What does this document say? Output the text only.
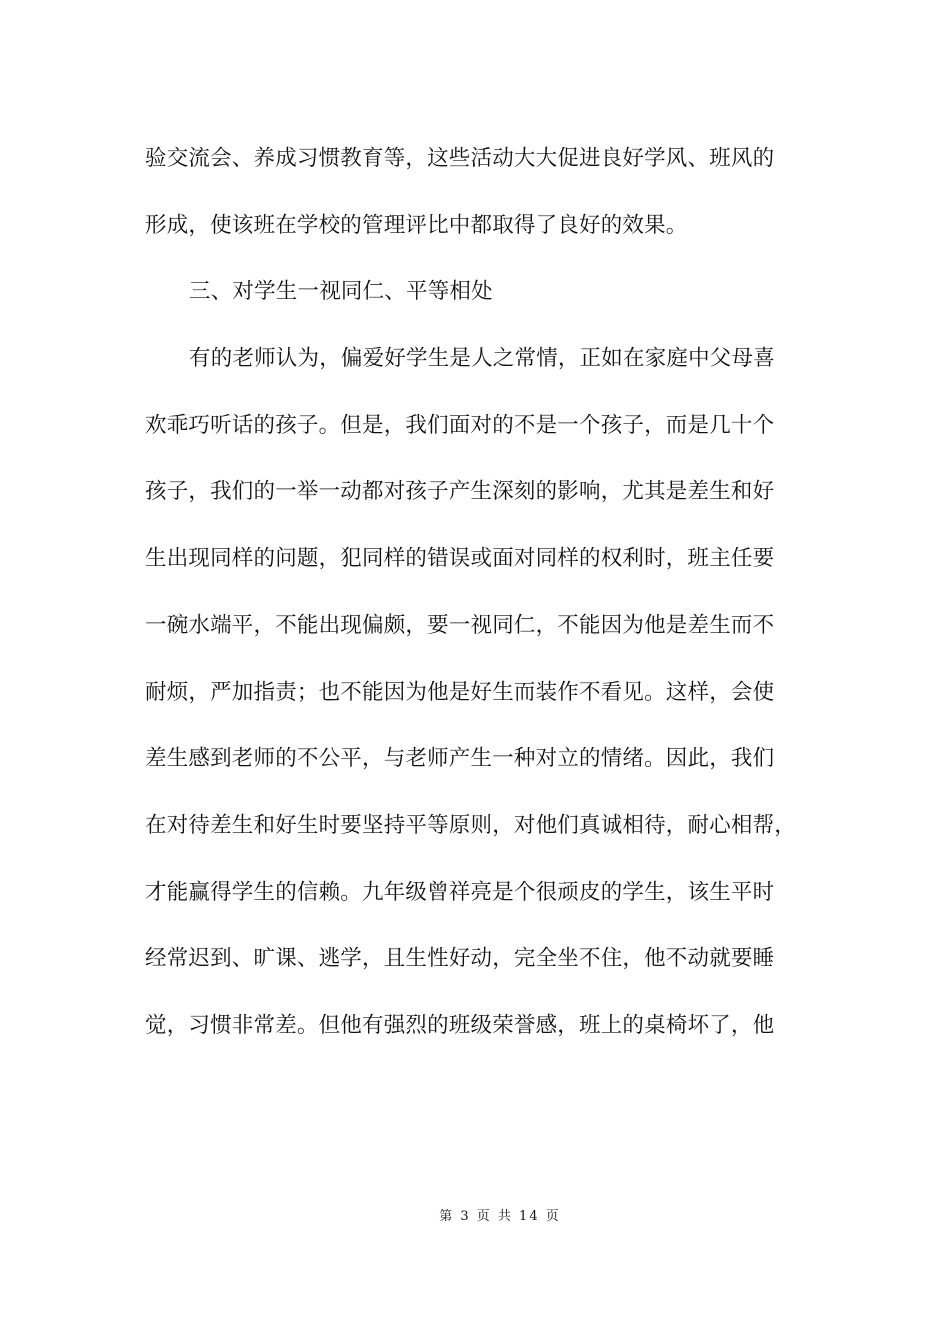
验交流会、养成习惯教育等，这些活动大大促进良好学风、班风的
形成，使该班在学校的管理评比中都取得了良好的效果。
三、对学生一视同仁、平等相处
有的老师认为，偏爱好学生是人之常情，正如在家庭中父母喜
欢乖巧听话的孩子。但是，我们面对的不是一个孩子，而是几十个
孩子，我们的一举一动都对孩子产生深刻的影响，尤其是差生和好
生出现同样的问题，犯同样的错误或面对同样的权利时，班主任要
一碗水端平，不能出现偏颇，要一视同仁，不能因为他是差生而不
耐烦，严加指责；也不能因为他是好生而装作不看见。这样，会使
差生感到老师的不公平，与老师产生一种对立的情绪。因此，我们
在对待差生和好生时要坚持平等原则，对他们真诚相待，耐心相帮，
才能赢得学生的信赖。九年级曾祥亮是个很顽皮的学生，该生平时
经常迟到、旷课、逃学，且生性好动，完全坐不住，他不动就要睡
觉，习惯非常差。但他有强烈的班级荣誉感，班上的桌椅坏了，他
第 3 页 共 14 页
